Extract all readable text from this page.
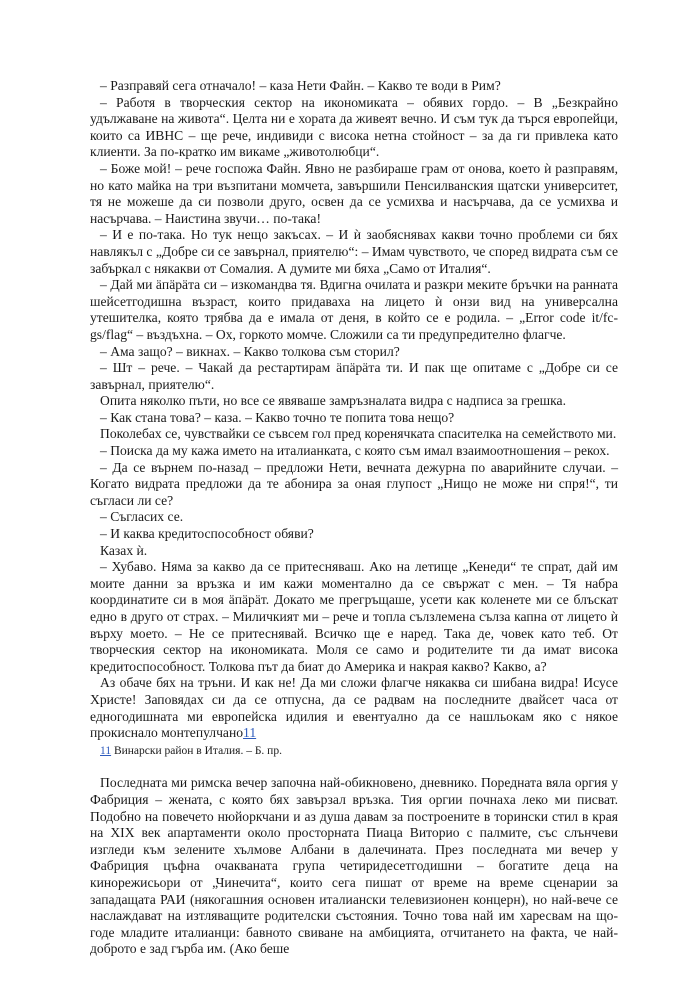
– Разправяй сега отначало! – каза Нети Файн. – Какво те води в Рим?

– Работя в творческия сектор на икономиката – обявих гордо. – В „Безкрайно удължаване на живота“. Целта ни е хората да живеят вечно. И съм тук да търся европейци, които са ИВНС – ще рече, индивиди с висока нетна стойност – за да ги привлека като клиенти. За по-кратко им викаме „животолюбци“.

– Боже мой! – рече госпожа Файн. Явно не разбираше грам от онова, което ѝ разправям, но като майка на три възпитани момчета, завършили Пенсилванския щатски университет, тя не можеше да си позволи друго, освен да се усмихва и насърчава, да се усмихва и насърчава. – Наистина звучи… по-така!

– И е по-така. Но тук нещо закъсах. – И ѝ заобяснявах какви точно проблеми си бях навлякъл с „Добре си се завърнал, приятелю“: – Имам чувството, че според видрата съм се забъркал с някакви от Сомалия. А думите ми бяха „Само от Италия“.

– Дай ми äпäрäта си – изкомандва тя. Вдигна очилата и разкри меките бръчки на ранната шейсетгодишна възраст, които придаваха на лицето ѝ онзи вид на универсална утешителка, която трябва да е имала от деня, в който се е родила. – „Error code it/fc-gs/flag“ – въздъхна. – Ох, горкото момче. Сложили са ти предупредително флагче.

– Ама защо? – викнах. – Какво толкова съм сторил?

– Шт – рече. – Чакай да рестартирам äпäрäта ти. И пак ще опитаме с „Добре си се завърнал, приятелю“.

Опита няколко пъти, но все се явяваше замръзналата видра с надписа за грешка.

– Как стана това? – каза. – Какво точно те попита това нещо?

Поколебах се, чувствайки се съвсем гол пред коренячката спасителка на семейството ми.

– Поиска да му кажа името на италианката, с която съм имал взаимоотношения – рекох.

– Да се върнем по-назад – предложи Нети, вечната дежурна по аварийните случаи. – Когато видрата предложи да те абонира за оная глупост „Нищо не може ни спря!“, ти съгласи ли се?

– Съгласих се.

– И каква кредитоспособност обяви?

Казах ѝ.

– Хубаво. Няма за какво да се притесняваш. Ако на летище „Кенеди“ те спрат, дай им моите данни за връзка и им кажи моментално да се свържат с мен. – Тя набра координатите си в моя äпäрäт. Докато ме прегръщаше, усети как коленете ми се блъскат едно в друго от страх. – Миличкият ми – рече и топла сълзлемена сълза капна от лицето ѝ върху моето. – Не се притеснявай. Всичко ще е наред. Така де, човек като теб. От творческия сектор на икономиката. Моля се само и родителите ти да имат висока кредитоспособност. Толкова път да биат до Америка и накрая какво? Какво, а?

Аз обаче бях на тръни. И как не! Да ми сложи флагче някаква си шибана видра! Исусе Христе! Заповядах си да се отпусна, да се радвам на последните двайсет часа от едногодишната ми европейска идилия и евентуално да се нашльокам яко с някое прокиснало монтепулчано11

11 Винарски район в Италия. – Б. пр.

Последната ми римска вечер започна най-обикновено, дневнико. Поредната вяла оргия у Фабриция – жената, с която бях завързал връзка. Тия оргии почнаха леко ми писват. Подобно на повечето нюйоркчани и аз душа давам за построените в торински стил в края на XIX век апартаменти около просторната Пиаца Виторио с палмите, със слънчеви изгледи към зелените хълмове Албани в далечината. През последната ми вечер у Фабриция цъфна очакваната група четиридесетгодишни – богатите деца на кинорежисьори от „Чинечита“, които сега пишат от време на време сценарии за западащата РАИ (някогашния основен италиански телевизионен концерн), но най-вече се наслаждават на изтляващите родителски състояния. Точно това най им харесвам на що-годе младите италианци: бавното свиване на амбицията, отчитането на факта, че най-доброто е зад гърба им. (Ако беше
